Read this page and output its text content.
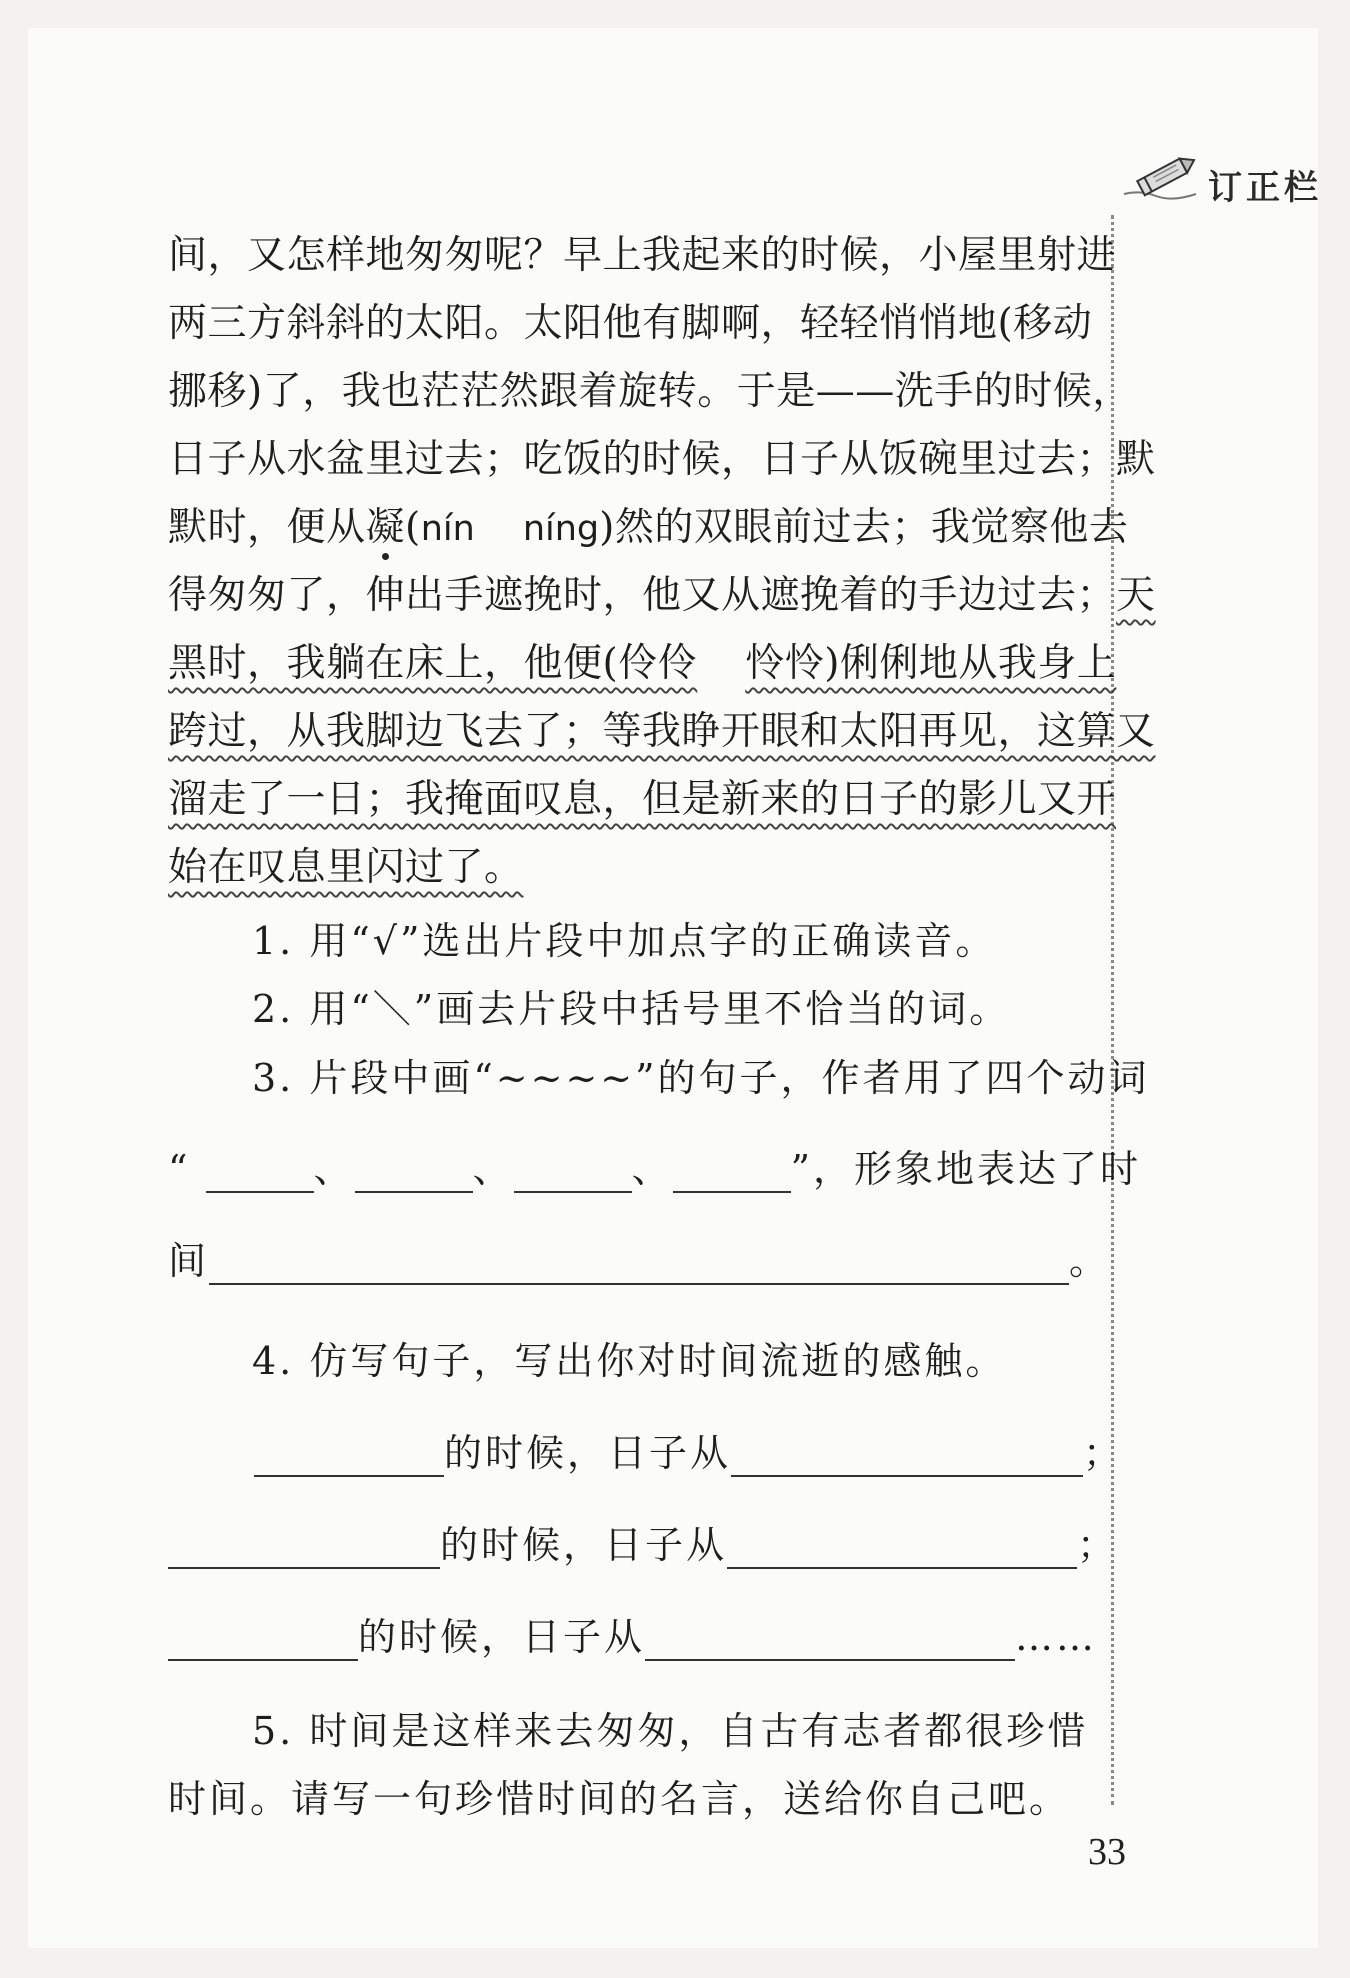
订正栏
间，又怎样地匆匆呢？早上我起来的时候，小屋里射进
两三方斜斜的太阳。太阳他有脚啊，轻轻悄悄地(移动
挪移)了，我也茫茫然跟着旋转。于是——洗手的时候，
日子从水盆里过去；吃饭的时候，日子从饭碗里过去；默
默时，便从凝(nín níng)然的双眼前过去；我觉察他去
得匆匆了，伸出手遮挽时，他又从遮挽着的手边过去；天
黑时，我躺在床上，他便(伶伶 怜怜)俐俐地从我身上
跨过，从我脚边飞去了；等我睁开眼和太阳再见，这算又
溜走了一日；我掩面叹息，但是新来的日子的影儿又开
始在叹息里闪过了。
1. 用“√”选出片段中加点字的正确读音。
2. 用“＼”画去片段中括号里不恰当的词。
3. 片段中画“~~~~”的句子，作者用了四个动词
“	、	、	、	”，形象地表达了时
间	。
4. 仿写句子，写出你对时间流逝的感触。
的时候，日子从	；
的时候，日子从	；
的时候，日子从	……
5. 时间是这样来去匆匆，自古有志者都很珍惜
时间。请写一句珍惜时间的名言，送给你自己吧。
33
